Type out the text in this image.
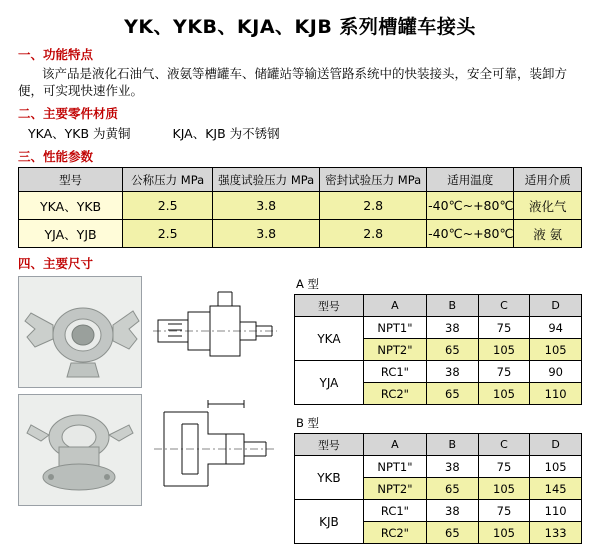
YK、YKB、KJA、KJB 系列槽罐车接头
一、功能特点

该产品是液化石油气、液氨等槽罐车、储罐站等输送管路系统中的快装接头，安全可靠，装卸方便，可实现快速作业。

二、主要零件材质
YKA、YKB 为黄铜	KJA、KJB 为不锈钢
三、性能参数
型号	公称压力 MPa	强度试验压力 MPa	密封试验压力 MPa	适用温度	适用介质
YKA、YKB	2.5	3.8	2.8	-40℃~+80℃	液化气
YJA、YJB	2.5	3.8	2.8	-40℃~+80℃	液 氨
四、主要尺寸
A 型
型号	A	B	C	D
YKA	NPT1"	38	75	94
	NPT2"	65	105	105
YJA	RC1"	38	75	90
	RC2"	65	105	110
B 型
型号	A	B	C	D
YKB	NPT1"	38	75	105
	NPT2"	65	105	145
KJB	RC1"	38	75	110
	RC2"	65	105	133
